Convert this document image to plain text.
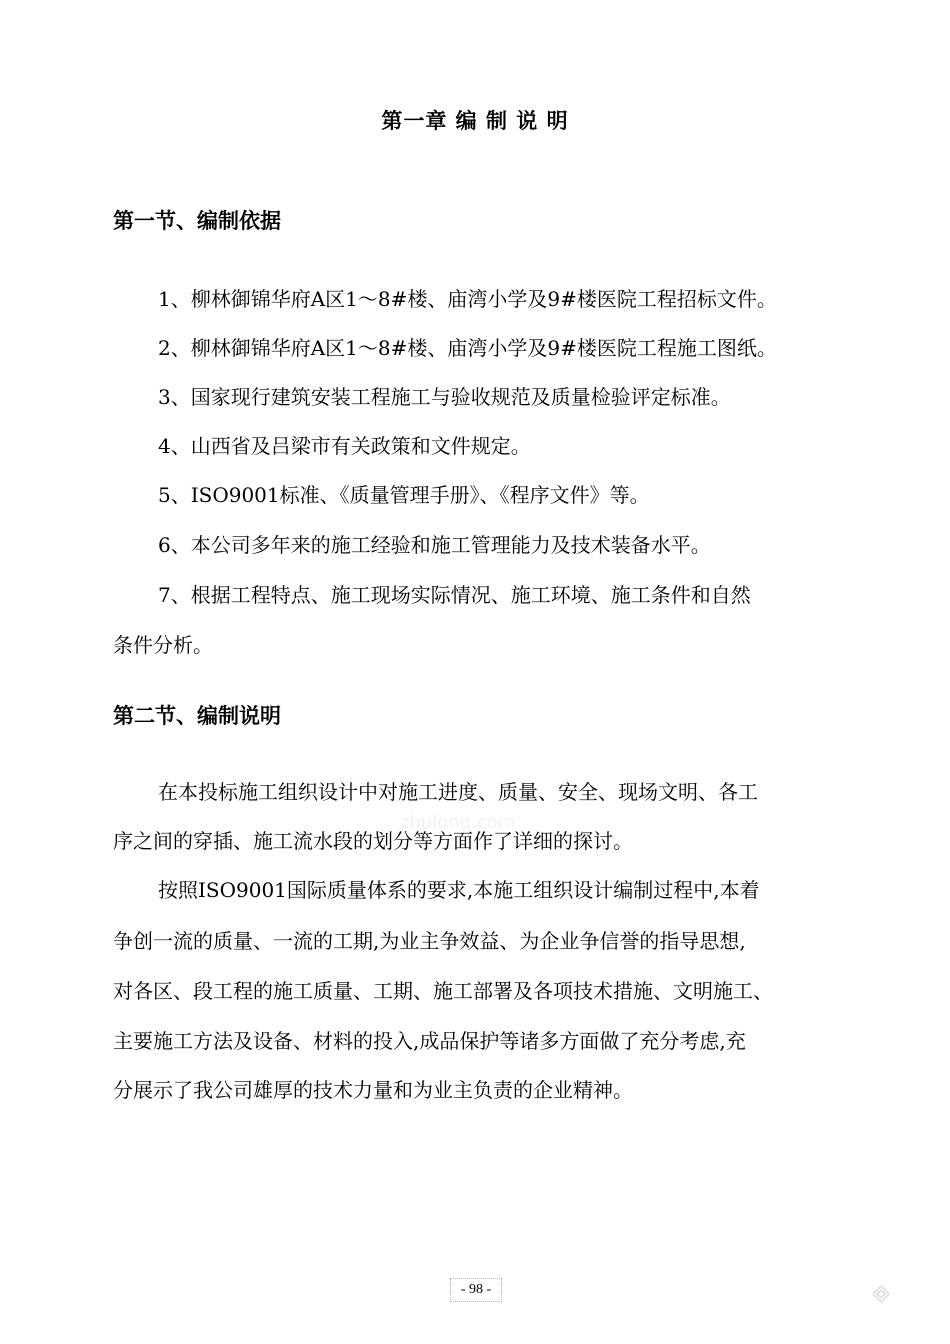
第一章 编 制 说 明
第一节、编制依据
1、柳林御锦华府A区1～8#楼、庙湾小学及9#楼医院工程招标文件。
2、柳林御锦华府A区1～8#楼、庙湾小学及9#楼医院工程施工图纸。
3、国家现行建筑安装工程施工与验收规范及质量检验评定标准。
4、山西省及吕梁市有关政策和文件规定。
5、ISO9001标准、《质量管理手册》、《程序文件》等。
6、本公司多年来的施工经验和施工管理能力及技术装备水平。
7、根据工程特点、施工现场实际情况、施工环境、施工条件和自然
条件分析。
第二节、编制说明
在本投标施工组织设计中对施工进度、质量、安全、现场文明、各工
序之间的穿插、施工流水段的划分等方面作了详细的探讨。
zhulong.com
按照ISO9001国际质量体系的要求,本施工组织设计编制过程中,本着
争创一流的质量、一流的工期,为业主争效益、为企业争信誉的指导思想,
对各区、段工程的施工质量、工期、施工部署及各项技术措施、文明施工、
主要施工方法及设备、材料的投入,成品保护等诸多方面做了充分考虑,充
分展示了我公司雄厚的技术力量和为业主负责的企业精神。
- 98 -
